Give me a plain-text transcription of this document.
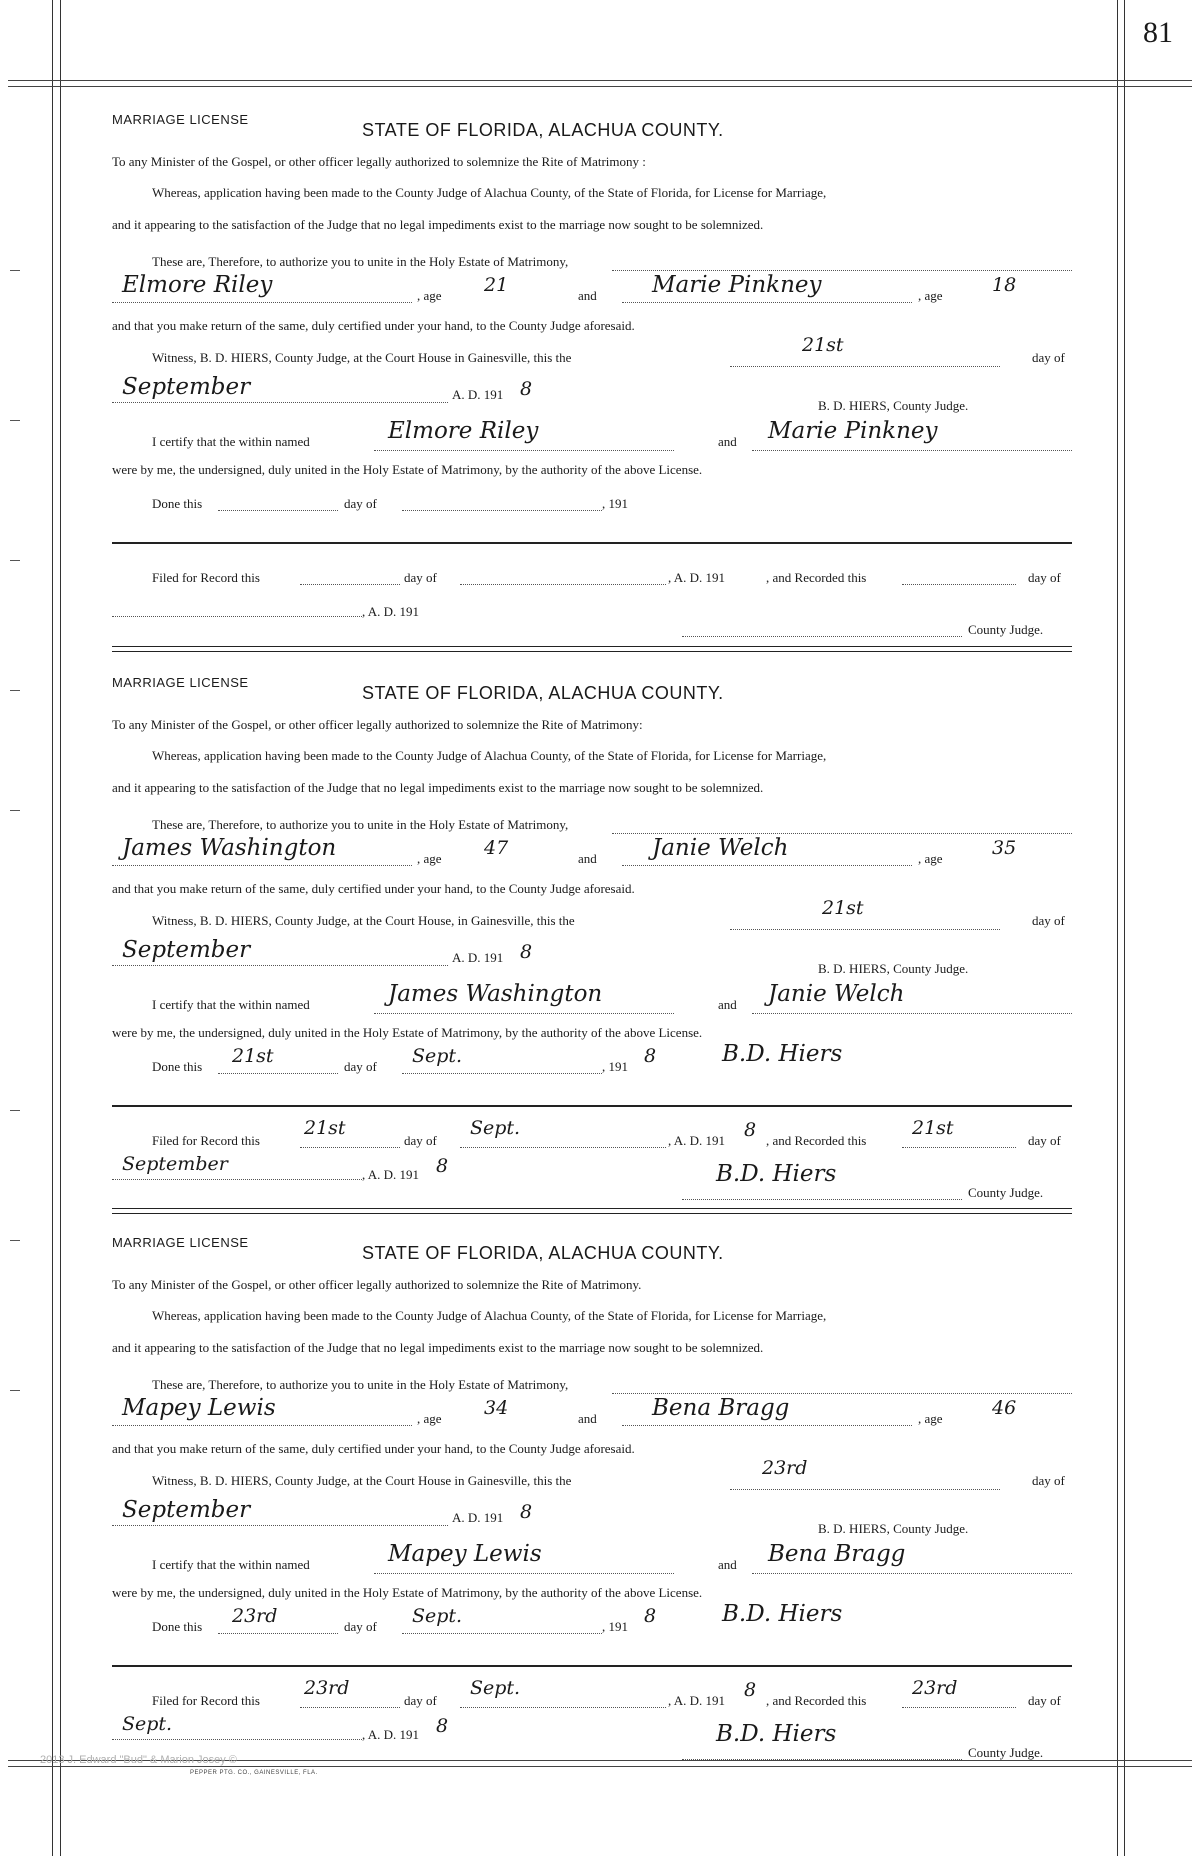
81
MARRIAGE LICENSE
STATE OF FLORIDA, ALACHUA COUNTY.
To any Minister of the Gospel, or other officer legally authorized to solemnize the Rite of Matrimony :
Whereas, application having been made to the County Judge of Alachua County, of the State of Florida, for License for Marriage,
and it appearing to the satisfaction of the Judge that no legal impediments exist to the marriage now sought to be solemnized.
These are, Therefore, to authorize you to unite in the Holy Estate of Matrimony,
Elmore Riley	, age 21	and Marie Pinkney	, age	18
and that you make return of the same, duly certified under your hand, to the County Judge aforesaid.
Witness, B. D. HIERS, County Judge, at the Court House in Gainesville, this the
21st
day of
September	A. D. 191 8
B. D. HIERS, County Judge.
I certify that the within named	Elmore Riley	and Marie Pinkney
were by me, the undersigned, duly united in the Holy Estate of Matrimony, by the authority of the above License.
Done this	day of	, 191
Filed for Record this	day of	, A. D. 191	, and Recorded this	day of
, A. D. 191
County Judge.
MARRIAGE LICENSE
STATE OF FLORIDA, ALACHUA COUNTY.
To any Minister of the Gospel, or other officer legally authorized to solemnize the Rite of Matrimony:
Whereas, application having been made to the County Judge of Alachua County, of the State of Florida, for License for Marriage,
and it appearing to the satisfaction of the Judge that no legal impediments exist to the marriage now sought to be solemnized.
These are, Therefore, to authorize you to unite in the Holy Estate of Matrimony,
James Washington	, age 47	and Janie Welch	, age	35
and that you make return of the same, duly certified under your hand, to the County Judge aforesaid.
Witness, B. D. HIERS, County Judge, at the Court House, in Gainesville, this the
21st
day of
September	A. D. 191 8
B. D. HIERS, County Judge.
I certify that the within named	James Washington	and Janie Welch
were by me, the undersigned, duly united in the Holy Estate of Matrimony, by the authority of the above License.
Done this 21st	day of Sept.	, 191 8	B.D. Hiers
Filed for Record this
21st
day of
Sept.
, A. D. 191 8 , and Recorded this
21st
day of
September	, A. D. 191 8	B.D. Hiers
County Judge.
MARRIAGE LICENSE
STATE OF FLORIDA, ALACHUA COUNTY.
To any Minister of the Gospel, or other officer legally authorized to solemnize the Rite of Matrimony.
Whereas, application having been made to the County Judge of Alachua County, of the State of Florida, for License for Marriage,
and it appearing to the satisfaction of the Judge that no legal impediments exist to the marriage now sought to be solemnized.
These are, Therefore, to authorize you to unite in the Holy Estate of Matrimony,
Mapey Lewis	, age 34	and Bena Bragg	, age	46
and that you make return of the same, duly certified under your hand, to the County Judge aforesaid.
Witness, B. D. HIERS, County Judge, at the Court House in Gainesville, this the
23rd
day of
September	A. D. 191 8
B. D. HIERS, County Judge.
I certify that the within named	Mapey Lewis	and Bena Bragg
were by me, the undersigned, duly united in the Holy Estate of Matrimony, by the authority of the above License.
Done this 23rd	day of Sept.	, 191 8	B.D. Hiers
Filed for Record this
23rd
day of
Sept.
, A. D. 191 8 , and Recorded this
23rd
day of
Sept.	, A. D. 191 8	B.D. Hiers
County Judge.
2013 J. Edward "Bud" & Marion Josey ©
PEPPER PTG. CO., GAINESVILLE, FLA.
